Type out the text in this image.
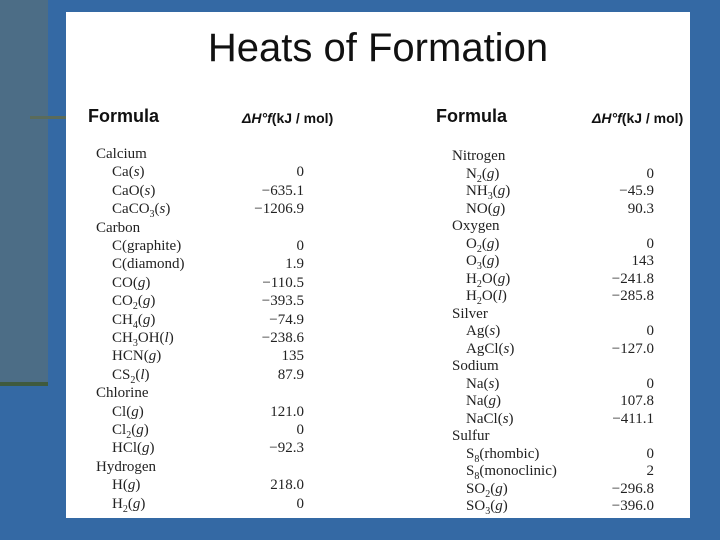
Heats of Formation
Formula	ΔH°f(kJ / mol)	Formula	ΔH°f(kJ / mol)
Calcium
Ca(s)	0
CaO(s)	−635.1
CaCO$_3$(s)	−1206.9
Carbon
C(graphite)	0
C(diamond)	1.9
CO(g)	−110.5
$CO_2(g)$	−393.5
$CH_4(g)$	−74.9
$CH_3OH(l)$	−238.6
HCN(g)	135
$CS_2(l)$	87.9
Chlorine
Cl(g)	121.0
$Cl_2(g)$	0
HCl(g)	−92.3
Hydrogen
H(g)	218.0
$H_2(g)$	0
Nitrogen
$N_2(g)$	0
$NH_3(g)$	−45.9
NO(g)	90.3
Oxygen
$O_2(g)$	0
$O_3(g)$	143
$H_2O(g)$	−241.8
$H_2O(l)$	−285.8
Silver
Ag(s)	0
AgCl(s)	−127.0
Sodium
Na(s)	0
Na(g)	107.8
NaCl(s)	−411.1
Sulfur
$S_8(rhombic)$	0
$S_8(monoclinic)$	2
$SO_2(g)$	−296.8
$SO_3(g)$	−396.0
